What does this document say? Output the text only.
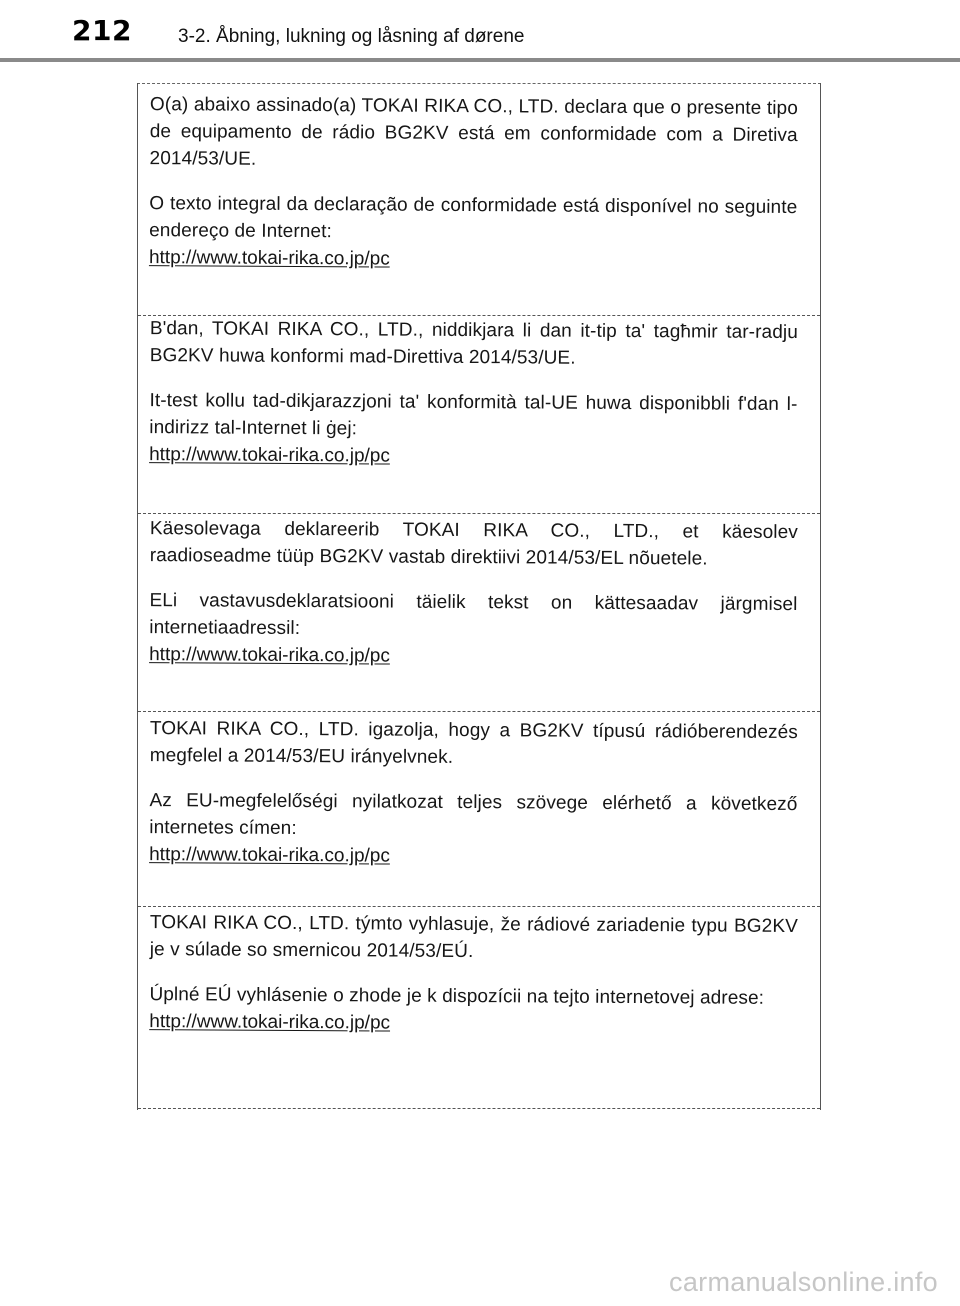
212 3-2. Åbning, lukning og låsning af dørene

O(a) abaixo assinado(a) TOKAI RIKA CO., LTD. declara que o presente tipo de equipamento de rádio BG2KV está em conformidade com a Diretiva 2014/53/UE.

O texto integral da declaração de conformidade está disponível no seguinte endereço de Internet:

http://www.tokai-rika.co.jp/pc

B'dan, TOKAI RIKA CO., LTD., niddikjara li dan it-tip ta' tagħmir tar-radju BG2KV huwa konformi mad-Direttiva 2014/53/UE.

It-test kollu tad-dikjarazzjoni ta' konformità tal-UE huwa disponibbli f'dan l-indirizz tal-Internet li ġej:

http://www.tokai-rika.co.jp/pc

Käesolevaga deklareerib TOKAI RIKA CO., LTD., et käesolev raadioseadme tüüp BG2KV vastab direktiivi 2014/53/EL nõuetele.

ELi vastavusdeklaratsiooni täielik tekst on kättesaadav järgmisel internetiaadressil:

http://www.tokai-rika.co.jp/pc

TOKAI RIKA CO., LTD. igazolja, hogy a BG2KV típusú rádióberendezés megfelel a 2014/53/EU irányelvnek.

Az EU-megfelelőségi nyilatkozat teljes szövege elérhető a következő internetes címen:

http://www.tokai-rika.co.jp/pc

TOKAI RIKA CO., LTD. týmto vyhlasuje, že rádiové zariadenie typu BG2KV je v súlade so smernicou 2014/53/EÚ.

Úplné EÚ vyhlásenie o zhode je k dispozícii na tejto internetovej adrese:

http://www.tokai-rika.co.jp/pc
carmanualsonline.info
